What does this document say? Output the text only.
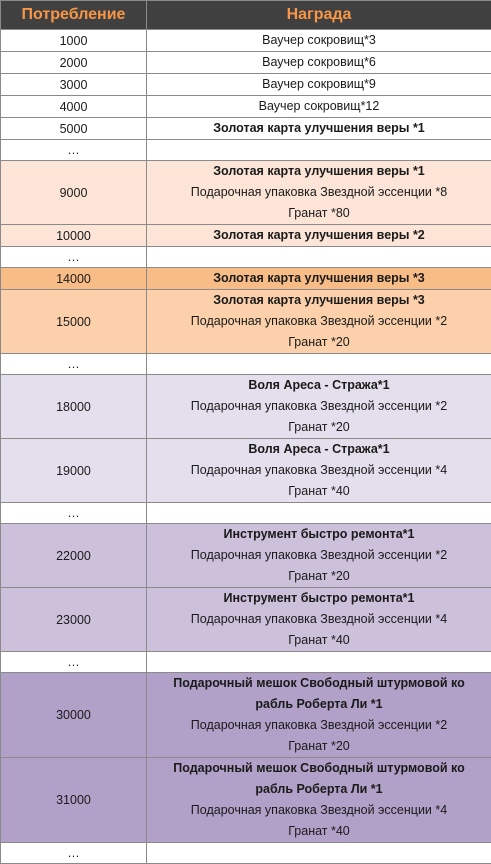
Потребление	Награда
1000	Ваучер сокровищ*3

2000	Ваучер сокровищ*6

3000	Ваучер сокровищ*9

4000	Ваучер сокровищ*12

5000	Золотая карта улучшения веры *1

…	
9000	Золотая карта улучшения веры *1
Подарочная упаковка Звездной эссенции *8
Гранат *80

10000	Золотая карта улучшения веры *2

…	
14000	Золотая карта улучшения веры *3

15000	Золотая карта улучшения веры *3
Подарочная упаковка Звездной эссенции *2
Гранат *20

…	
18000	Воля Ареса - Стража*1
Подарочная упаковка Звездной эссенции *2
Гранат *20

19000	Воля Ареса - Стража*1
Подарочная упаковка Звездной эссенции *4
Гранат *40

…	
22000	Инструмент быстро ремонта*1
Подарочная упаковка Звездной эссенции *2
Гранат *20

23000	Инструмент быстро ремонта*1
Подарочная упаковка Звездной эссенции *4
Гранат *40

…	
30000	Подарочный мешок Свободный штурмовой ко
рабль Роберта Ли *1
Подарочная упаковка Звездной эссенции *2
Гранат *20

31000	Подарочный мешок Свободный штурмовой ко
рабль Роберта Ли *1
Подарочная упаковка Звездной эссенции *4
Гранат *40

…	
